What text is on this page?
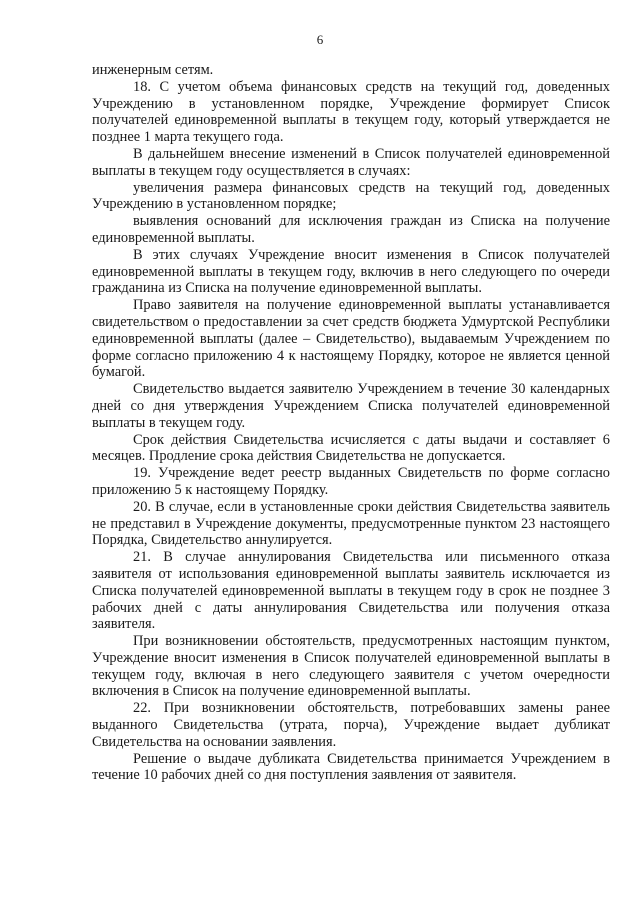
6

инженерным сетям.

18. С учетом объема финансовых средств на текущий год, доведенных Учреждению в установленном порядке, Учреждение формирует Список получателей единовременной выплаты в текущем году, который утверждается не позднее 1 марта текущего года.

В дальнейшем внесение изменений в Список получателей единовременной выплаты в текущем году осуществляется в случаях:

увеличения размера финансовых средств на текущий год, доведенных Учреждению в установленном порядке;

выявления оснований для исключения граждан из Списка на получение единовременной выплаты.

В этих случаях Учреждение вносит изменения в Список получателей единовременной выплаты в текущем году, включив в него следующего по очереди гражданина из Списка на получение единовременной выплаты.

Право заявителя на получение единовременной выплаты устанавливается свидетельством о предоставлении за счет средств бюджета Удмуртской Республики единовременной выплаты (далее – Свидетельство), выдаваемым Учреждением по форме согласно приложению 4 к настоящему Порядку, которое не является ценной бумагой.

Свидетельство выдается заявителю Учреждением в течение 30 календарных дней со дня утверждения Учреждением Списка получателей единовременной выплаты в текущем году.

Срок действия Свидетельства исчисляется с даты выдачи и составляет 6 месяцев. Продление срока действия Свидетельства не допускается.

19. Учреждение ведет реестр выданных Свидетельств по форме согласно приложению 5 к настоящему Порядку.

20. В случае, если в установленные сроки действия Свидетельства заявитель не представил в Учреждение документы, предусмотренные пунктом 23 настоящего Порядка, Свидетельство аннулируется.

21. В случае аннулирования Свидетельства или письменного отказа заявителя от использования единовременной выплаты заявитель исключается из Списка получателей единовременной выплаты в текущем году в срок не позднее 3 рабочих дней с даты аннулирования Свидетельства или получения отказа заявителя.

При возникновении обстоятельств, предусмотренных настоящим пунктом, Учреждение вносит изменения в Список получателей единовременной выплаты в текущем году, включая в него следующего заявителя с учетом очередности включения в Список на получение единовременной выплаты.

22. При возникновении обстоятельств, потребовавших замены ранее выданного Свидетельства (утрата, порча), Учреждение выдает дубликат Свидетельства на основании заявления.

Решение о выдаче дубликата Свидетельства принимается Учреждением в течение 10 рабочих дней со дня поступления заявления от заявителя.
